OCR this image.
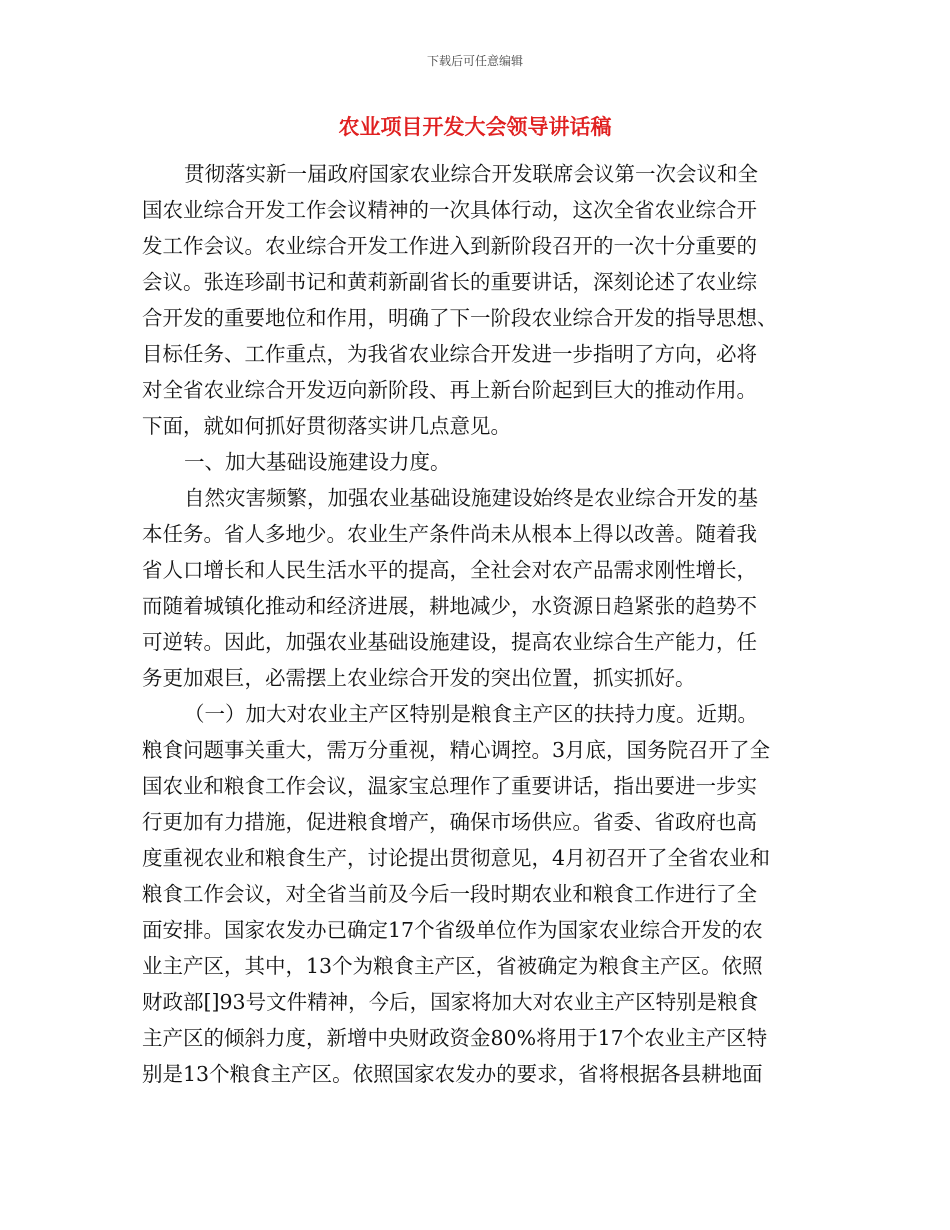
下载后可任意编辑
农业项目开发大会领导讲话稿
贯彻落实新一届政府国家农业综合开发联席会议第一次会议和全
国农业综合开发工作会议精神的一次具体行动，这次全省农业综合开
发工作会议。农业综合开发工作进入到新阶段召开的一次十分重要的
会议。张连珍副书记和黄莉新副省长的重要讲话，深刻论述了农业综
合开发的重要地位和作用，明确了下一阶段农业综合开发的指导思想、
目标任务、工作重点，为我省农业综合开发进一步指明了方向，必将
对全省农业综合开发迈向新阶段、再上新台阶起到巨大的推动作用。
下面，就如何抓好贯彻落实讲几点意见。
一、加大基础设施建设力度。
自然灾害频繁，加强农业基础设施建设始终是农业综合开发的基
本任务。省人多地少。农业生产条件尚未从根本上得以改善。随着我
省人口增长和人民生活水平的提高，全社会对农产品需求刚性增长，
而随着城镇化推动和经济进展，耕地减少，水资源日趋紧张的趋势不
可逆转。因此，加强农业基础设施建设，提高农业综合生产能力，任
务更加艰巨，必需摆上农业综合开发的突出位置，抓实抓好。
（一）加大对农业主产区特别是粮食主产区的扶持力度。近期。
粮食问题事关重大，需万分重视，精心调控。3月底，国务院召开了全
国农业和粮食工作会议，温家宝总理作了重要讲话，指出要进一步实
行更加有力措施，促进粮食增产，确保市场供应。省委、省政府也高
度重视农业和粮食生产，讨论提出贯彻意见，4月初召开了全省农业和
粮食工作会议，对全省当前及今后一段时期农业和粮食工作进行了全
面安排。国家农发办已确定17个省级单位作为国家农业综合开发的农
业主产区，其中，13个为粮食主产区，省被确定为粮食主产区。依照
财政部[]93号文件精神，今后，国家将加大对农业主产区特别是粮食
主产区的倾斜力度，新增中央财政资金80%将用于17个农业主产区特
别是13个粮食主产区。依照国家农发办的要求，省将根据各县耕地面
